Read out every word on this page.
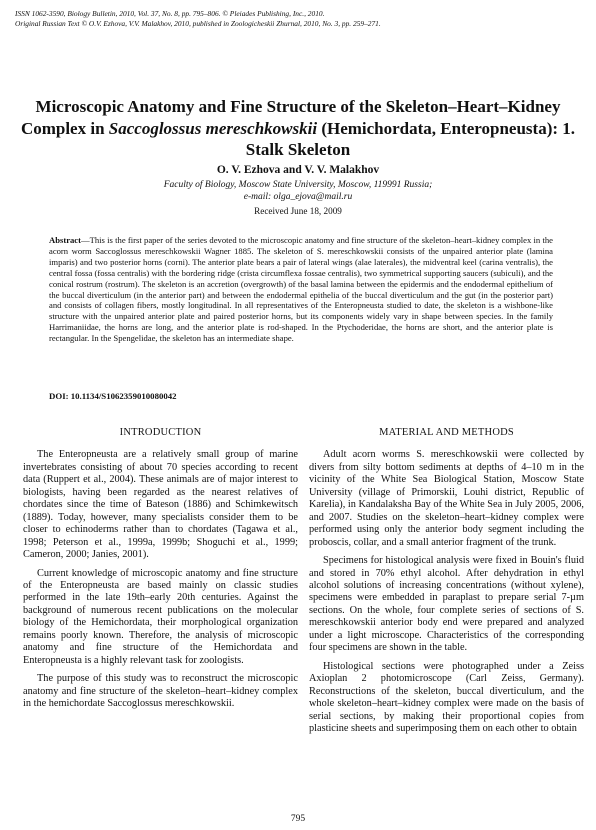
ISSN 1062-3590, Biology Bulletin, 2010, Vol. 37, No. 8, pp. 795–806. © Pleiades Publishing, Inc., 2010.
Original Russian Text © O.V. Ezhova, V.V. Malakhov, 2010, published in Zoologicheskii Zhurnal, 2010, No. 3, pp. 259–271.
Microscopic Anatomy and Fine Structure of the Skeleton–Heart–Kidney Complex in Saccoglossus mereschkowskii (Hemichordata, Enteropneusta): 1. Stalk Skeleton
O. V. Ezhova and V. V. Malakhov
Faculty of Biology, Moscow State University, Moscow, 119991 Russia;
e-mail: olga_ejova@mail.ru
Received June 18, 2009
Abstract—This is the first paper of the series devoted to the microscopic anatomy and fine structure of the skeleton–heart–kidney complex in the acorn worm Saccoglossus mereschkowskii Wagner 1885. The skeleton of S. mereschkowskii consists of the unpaired anterior plate (lamina imparis) and two posterior horns (corni). The anterior plate bears a pair of lateral wings (alae laterales), the midventral keel (carina ventralis), the central fossa (fossa centralis) with the bordering ridge (crista circumflexa fossae centralis), two symmetrical supporting saucers (subiculi), and the conical rostrum (rostrum). The skeleton is an accretion (overgrowth) of the basal lamina between the epidermis and the endodermal epithelium of the buccal diverticulum (in the anterior part) and between the endodermal epithelia of the buccal diverticulum and the gut (in the posterior part) and consists of collagen fibers, mostly longitudinal. In all representatives of the Enteropneusta studied to date, the skeleton is a wishbone-like structure with the unpaired anterior plate and paired posterior horns, but its components widely vary in shape between species. In the family Harrimaniidae, the horns are long, and the anterior plate is rod-shaped. In the Ptychoderidae, the horns are short, and the anterior plate is rectangular. In the Spengelidae, the skeleton has an intermediate shape.
DOI: 10.1134/S1062359010080042
INTRODUCTION

The Enteropneusta are a relatively small group of marine invertebrates consisting of about 70 species according to recent data (Ruppert et al., 2004). These animals are of major interest to biologists, having been regarded as the nearest relatives of chordates since the time of Bateson (1886) and Schimkewitsch (1889). Today, however, many specialists consider them to be closer to echinoderms rather than to chordates (Tagawa et al., 1998; Peterson et al., 1999a, 1999b; Shoguchi et al., 1999; Cameron, 2000; Janies, 2001).

Current knowledge of microscopic anatomy and fine structure of the Enteropneusta are based mainly on classic studies performed in the late 19th–early 20th centuries. Against the background of numerous recent publications on the molecular biology of the Hemichordata, their morphological organization remains poorly known. Therefore, the analysis of microscopic anatomy and fine structure of the Hemichordata and Enteropneusta is a highly relevant task for zoologists.

The purpose of this study was to reconstruct the microscopic anatomy and fine structure of the skeleton–heart–kidney complex in the hemichordate Saccoglossus mereschkowskii.

MATERIAL AND METHODS

Adult acorn worms S. mereschkowskii were collected by divers from silty bottom sediments at depths of 4–10 m in the vicinity of the White Sea Biological Station, Moscow State University (village of Primorskii, Louhi district, Republic of Karelia), in Kandalaksha Bay of the White Sea in July 2005, 2006, and 2007. Studies on the skeleton–heart–kidney complex were performed using only the anterior body segment including the proboscis, collar, and a small anterior fragment of the trunk.

Specimens for histological analysis were fixed in Bouin's fluid and stored in 70% ethyl alcohol. After dehydration in ethyl alcohol solutions of increasing concentrations (without xylene), specimens were embedded in paraplast to prepare serial 7-µm sections. On the whole, four complete series of sections of S. mereschkowskii anterior body end were prepared and analyzed under a light microscope. Characteristics of the corresponding four specimens are shown in the table.

Histological sections were photographed under a Zeiss Axioplan 2 photomicroscope (Carl Zeiss, Germany). Reconstructions of the skeleton, buccal diverticulum, and the whole skeleton–heart–kidney complex were made on the basis of serial sections, by making their proportional copies from plasticine sheets and superimposing them on each other to obtain

795
